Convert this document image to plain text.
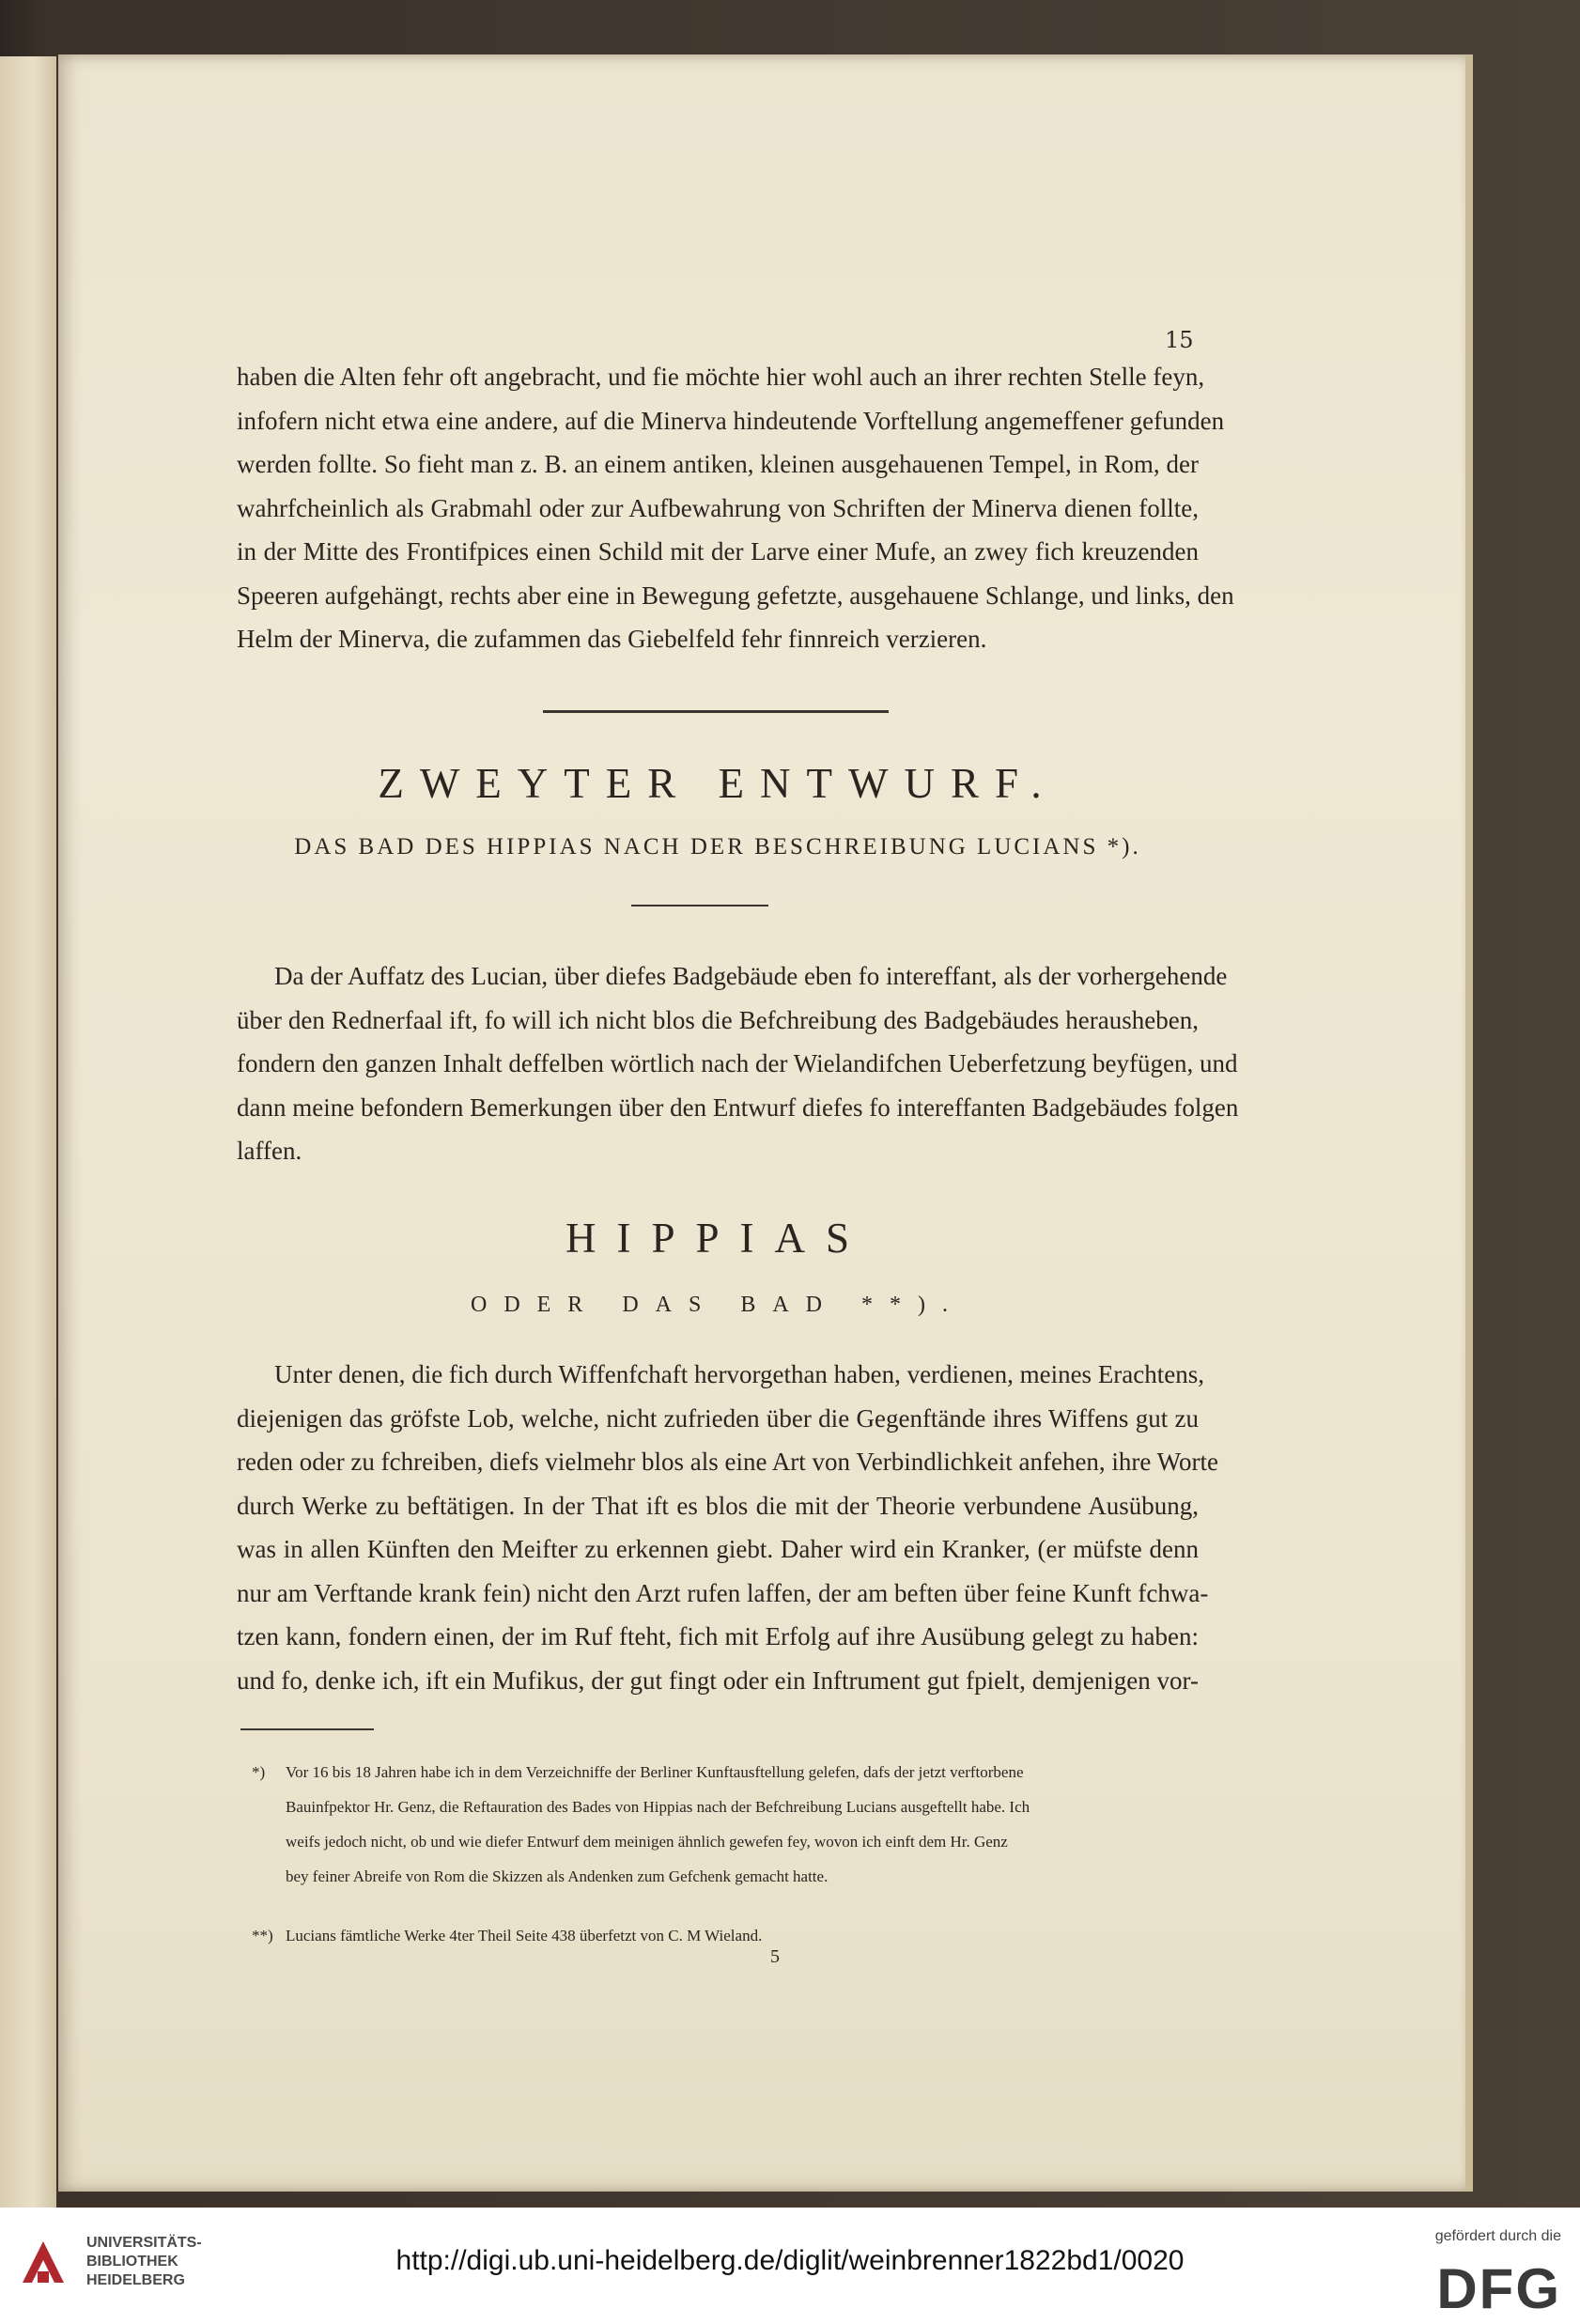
15

haben die Alten fehr oft angebracht, und fie möchte hier wohl auch an ihrer rechten Stelle feyn,

infofern nicht etwa eine andere, auf die Minerva hindeutende Vorftellung angemeffener gefunden

werden follte. So fieht man z. B. an einem antiken, kleinen ausgehauenen Tempel, in Rom, der

wahrfcheinlich als Grabmahl oder zur Aufbewahrung von Schriften der Minerva dienen follte,

in der Mitte des Frontifpices einen Schild mit der Larve einer Mufe, an zwey fich kreuzenden

Speeren aufgehängt, rechts aber eine in Bewegung gefetzte, ausgehauene Schlange, und links, den

Helm der Minerva, die zufammen das Giebelfeld fehr finnreich verzieren.

ZWEYTER ENTWURF.
DAS BAD DES HIPPIAS NACH DER BESCHREIBUNG LUCIANS *).

Da der Auffatz des Lucian, über diefes Badgebäude eben fo intereffant, als der vorhergehende

über den Rednerfaal ift, fo will ich nicht blos die Befchreibung des Badgebäudes herausheben,

fondern den ganzen Inhalt deffelben wörtlich nach der Wielandifchen Ueberfetzung beyfügen, und

dann meine befondern Bemerkungen über den Entwurf diefes fo intereffanten Badgebäudes folgen

laffen.

HIPPIAS
ODER DAS BAD **).

Unter denen, die fich durch Wiffenfchaft hervorgethan haben, verdienen, meines Erachtens,

diejenigen das gröfste Lob, welche, nicht zufrieden über die Gegenftände ihres Wiffens gut zu

reden oder zu fchreiben, diefs vielmehr blos als eine Art von Verbindlichkeit anfehen, ihre Worte

durch Werke zu beftätigen. In der That ift es blos die mit der Theorie verbundene Ausübung,

was in allen Künften den Meifter zu erkennen giebt. Daher wird ein Kranker, (er müfste denn

nur am Verftande krank fein) nicht den Arzt rufen laffen, der am beften über feine Kunft fchwa-

tzen kann, fondern einen, der im Ruf fteht, fich mit Erfolg auf ihre Ausübung gelegt zu haben:

und fo, denke ich, ift ein Mufikus, der gut fingt oder ein Inftrument gut fpielt, demjenigen vor-

*) Vor 16 bis 18 Jahren habe ich in dem Verzeichniffe der Berliner Kunftausftellung gelefen, dafs der jetzt verftorbene
Bauinfpektor Hr. Genz, die Reftauration des Bades von Hippias nach der Befchreibung Lucians ausgeftellt habe. Ich
weifs jedoch nicht, ob und wie diefer Entwurf dem meinigen ähnlich gewefen fey, wovon ich einft dem Hr. Genz
bey feiner Abreife von Rom die Skizzen als Andenken zum Gefchenk gemacht hatte.
**) Lucians fämtliche Werke 4ter Theil Seite 438 überfetzt von C. M Wieland.
5
UNIVERSITÄTS-
BIBLIOTHEK
HEIDELBERG
http://digi.ub.uni-heidelberg.de/diglit/weinbrenner1822bd1/0020
gefördert durch die
DFG
